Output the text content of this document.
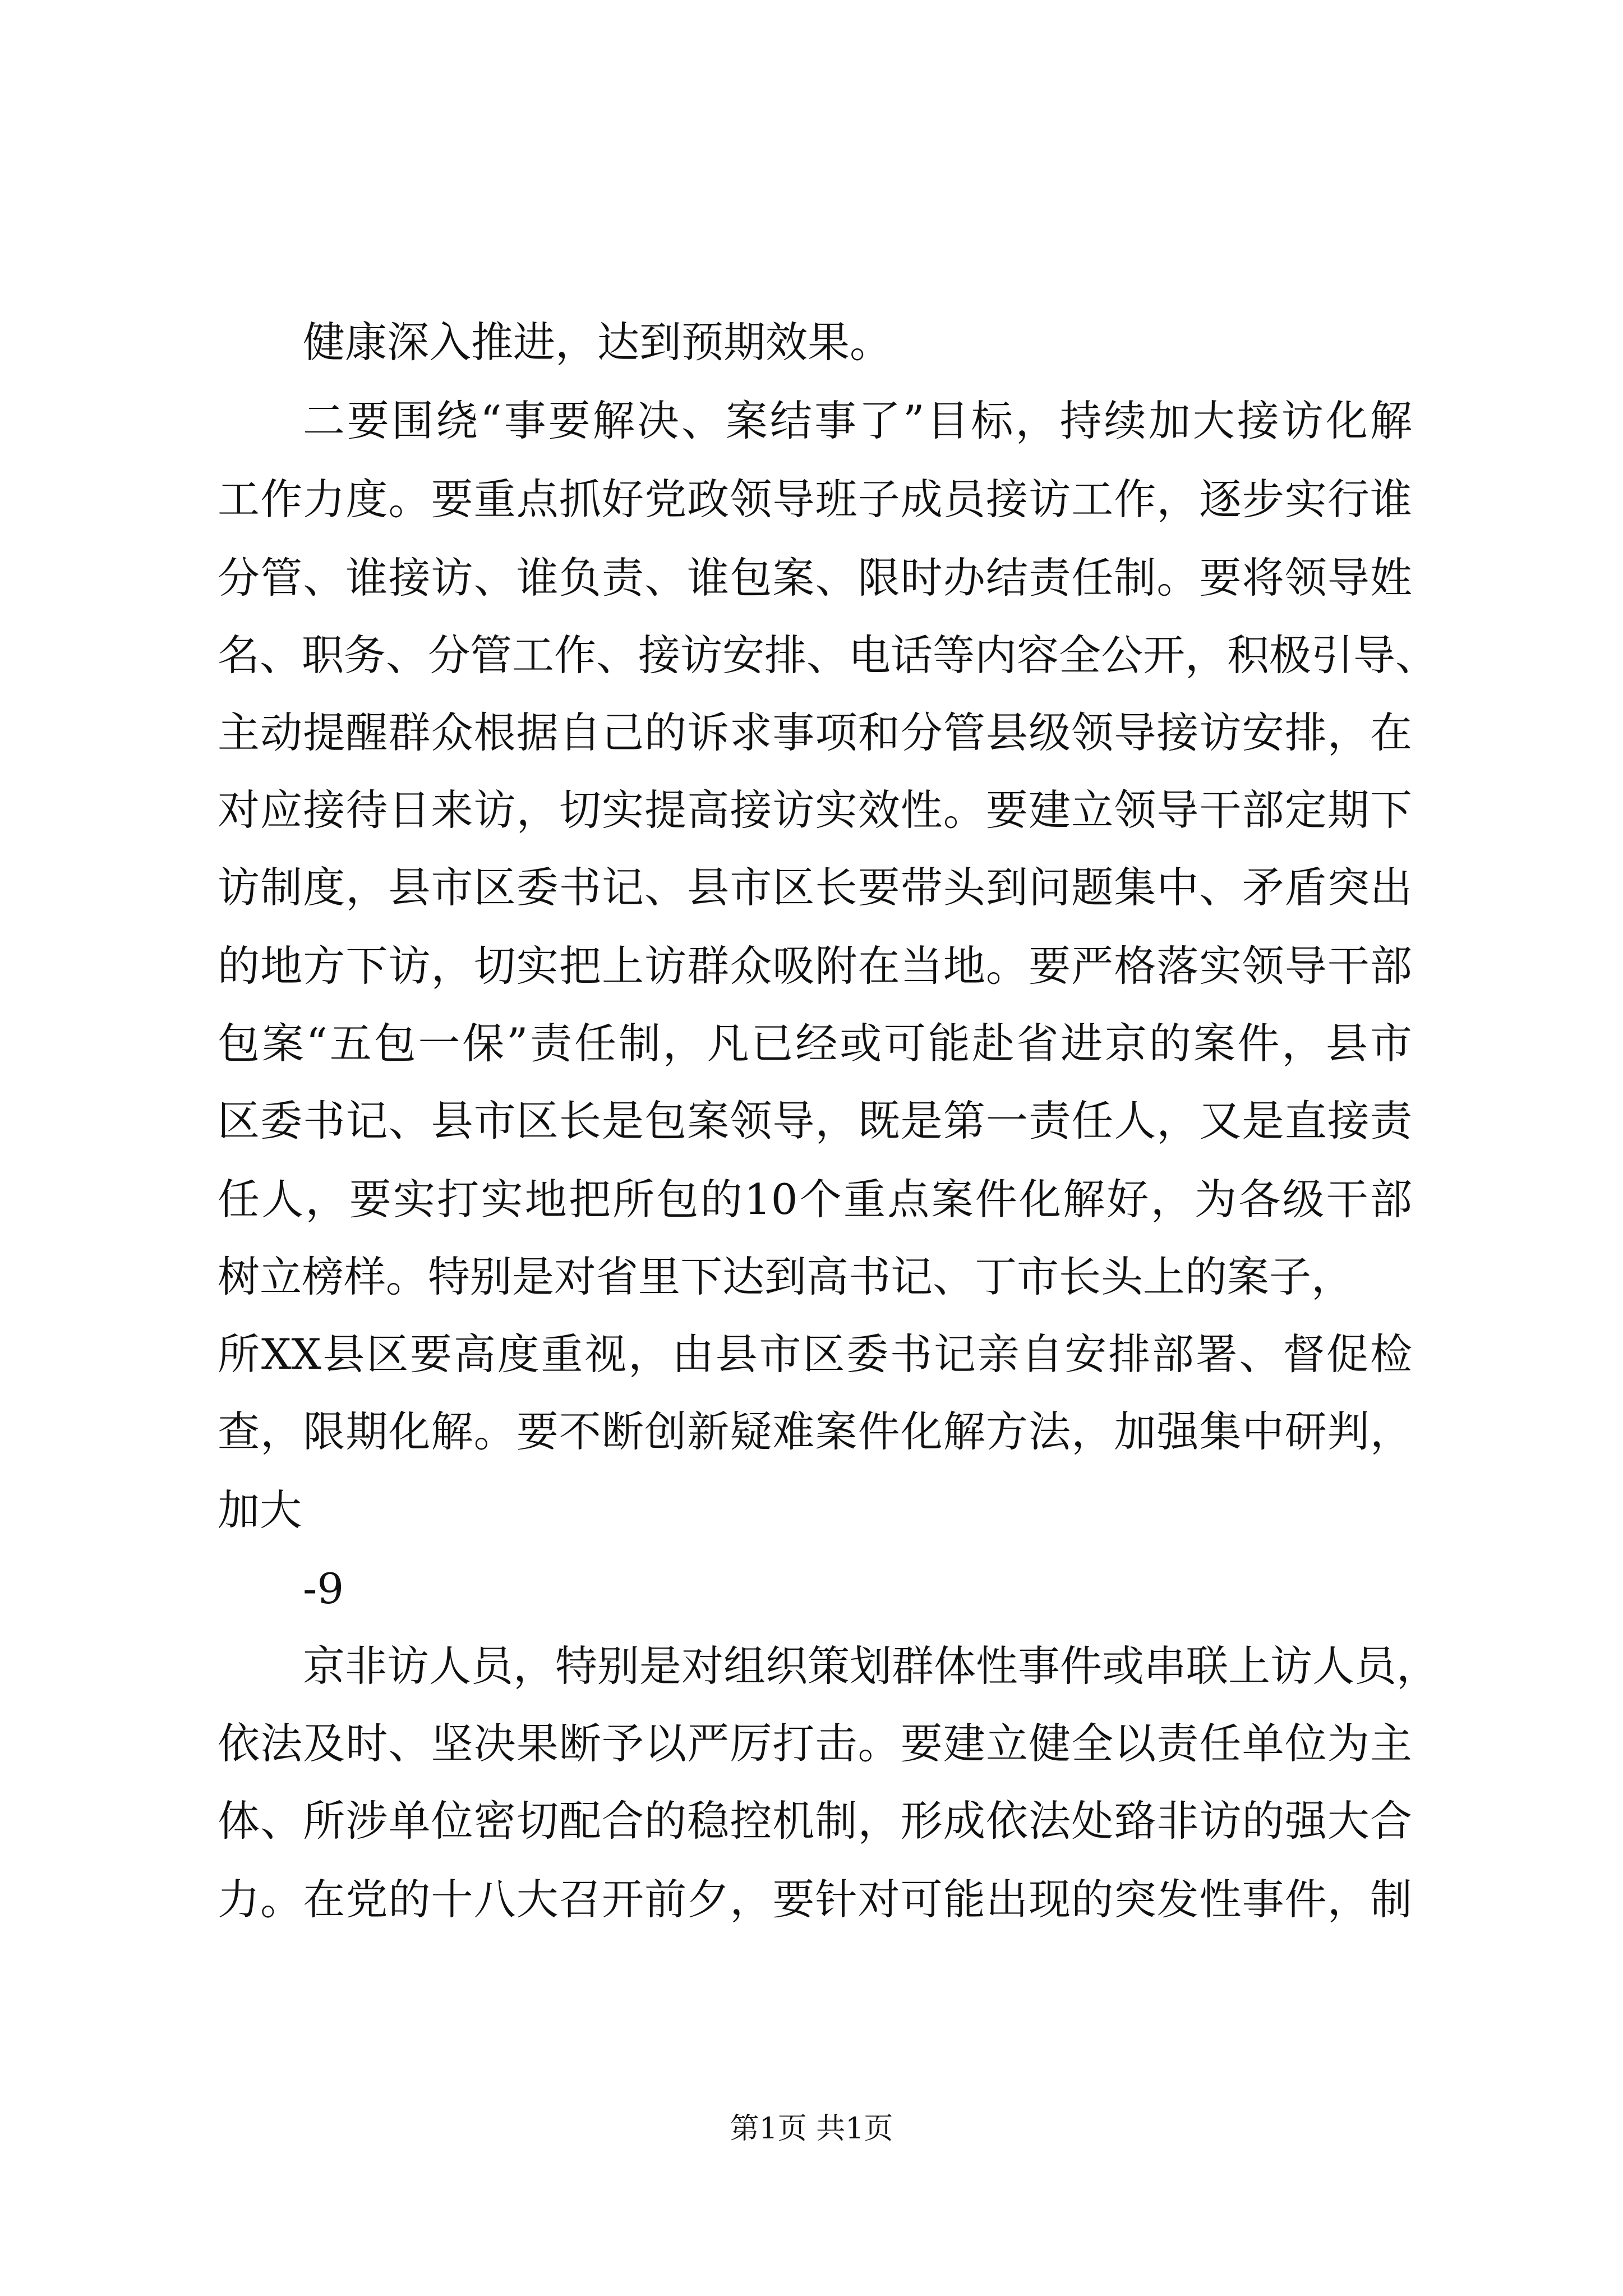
健康深入推进，达到预期效果。
二要围绕“事要解决、案结事了”目标，持续加大接访化解
工作力度。要重点抓好党政领导班子成员接访工作，逐步实行谁
分管、谁接访、谁负责、谁包案、限时办结责任制。要将领导姓
名、职务、分管工作、接访安排、电话等内容全公开，积极引导、
主动提醒群众根据自己的诉求事项和分管县级领导接访安排，在
对应接待日来访，切实提高接访实效性。要建立领导干部定期下
访制度，县市区委书记、县市区长要带头到问题集中、矛盾突出
的地方下访，切实把上访群众吸附在当地。要严格落实领导干部
包案“五包一保”责任制，凡已经或可能赴省进京的案件，县市
区委书记、县市区长是包案领导，既是第一责任人，又是直接责
任人，要实打实地把所包的10个重点案件化解好，为各级干部
树立榜样。特别是对省里下达到高书记、丁市长头上的案子，
所XX县区要高度重视，由县市区委书记亲自安排部署、督促检
查，限期化解。要不断创新疑难案件化解方法，加强集中研判，
加大
-9
京非访人员，特别是对组织策划群体性事件或串联上访人员，
依法及时、坚决果断予以严厉打击。要建立健全以责任单位为主
体、所涉单位密切配合的稳控机制，形成依法处臵非访的强大合
力。在党的十八大召开前夕，要针对可能出现的突发性事件，制
第1页 共1页
